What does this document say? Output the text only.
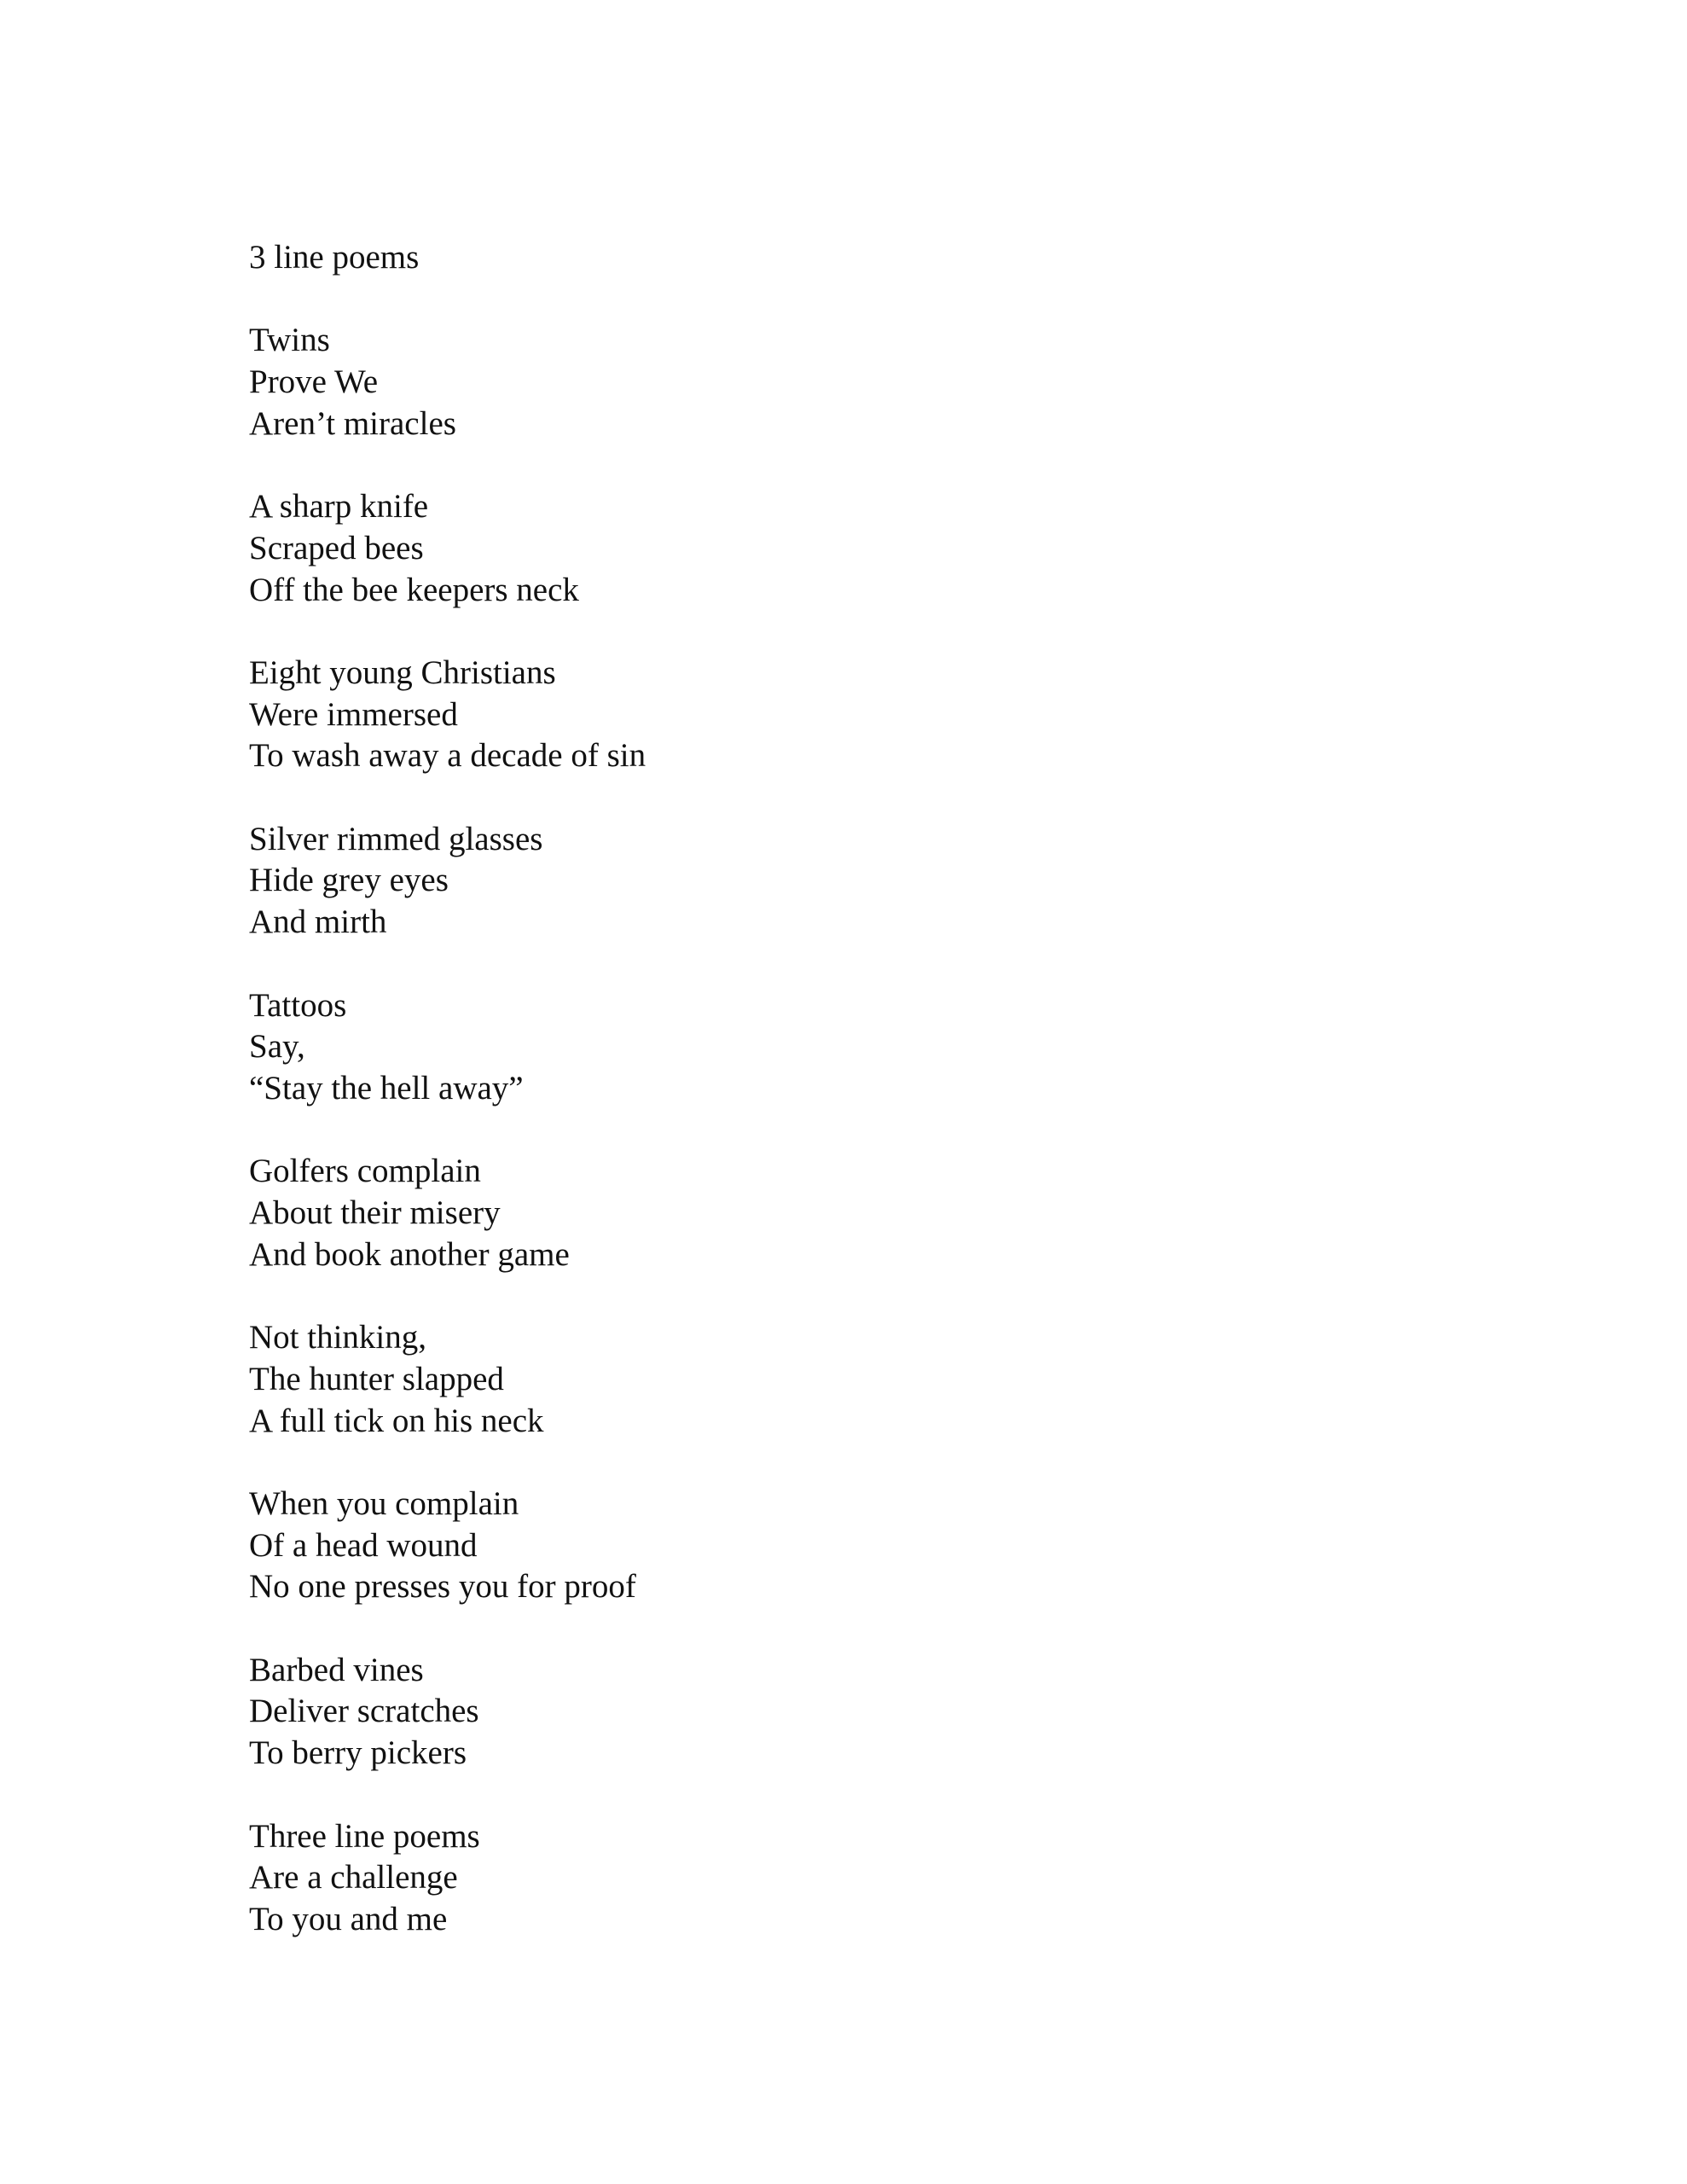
3 line poems
Twins
Prove We
Aren’t miracles
A sharp knife
Scraped bees
Off the bee keepers neck
Eight young Christians
Were immersed
To wash away a decade of sin
Silver rimmed glasses
Hide grey eyes
And mirth
Tattoos
Say,
“Stay the hell away”
Golfers complain
About their misery
And book another game
Not thinking,
The hunter slapped
A full tick on his neck
When you complain
Of a head wound
No one presses you for proof
Barbed vines
Deliver scratches
To berry pickers
Three line poems
Are a challenge
To you and me
